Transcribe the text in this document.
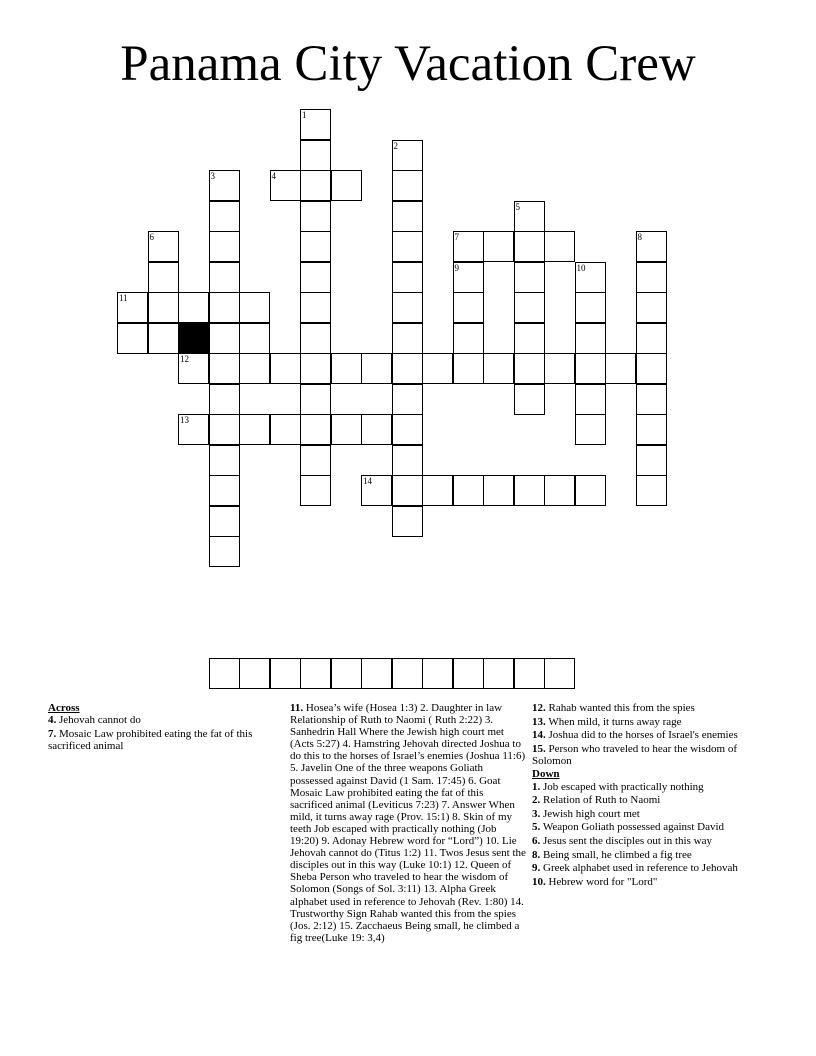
Panama City Vacation Crew
1
2
3	4
5
6	7	8
9	10
11
12
13
14
Across
4. Jehovah cannot do
7. Mosaic Law prohibited eating the fat of this sacrificed animal
11. Hosea’s wife (Hosea 1:3) 2. Daughter in law Relationship of Ruth to Naomi ( Ruth 2:22) 3. Sanhedrin Hall Where the Jewish high court met (Acts 5:27) 4. Hamstring Jehovah directed Joshua to do this to the horses of Israel’s enemies (Joshua 11:6) 5. Javelin One of the three weapons Goliath possessed against David (1 Sam. 17:45) 6. Goat Mosaic Law prohibited eating the fat of this sacrificed animal (Leviticus 7:23) 7. Answer When mild, it turns away rage (Prov. 15:1) 8. Skin of my teeth Job escaped with practically nothing (Job 19:20) 9. Adonay Hebrew word for “Lord”) 10. Lie Jehovah cannot do (Titus 1:2) 11. Twos Jesus sent the disciples out in this way (Luke 10:1) 12. Queen of Sheba Person who traveled to hear the wisdom of Solomon (Songs of Sol. 3:11) 13. Alpha Greek alphabet used in reference to Jehovah (Rev. 1:80) 14. Trustworthy Sign Rahab wanted this from the spies (Jos. 2:12) 15. Zacchaeus Being small, he climbed a fig tree(Luke 19: 3,4)
12. Rahab wanted this from the spies
13. When mild, it turns away rage
14. Joshua did to the horses of Israel's enemies
15. Person who traveled to hear the wisdom of Solomon
Down
1. Job escaped with practically nothing
2. Relation of Ruth to Naomi
3. Jewish high court met
5. Weapon Goliath possessed against David
6. Jesus sent the disciples out in this way
8. Being small, he climbed a fig tree
9. Greek alphabet used in reference to Jehovah
10. Hebrew word for "Lord"
